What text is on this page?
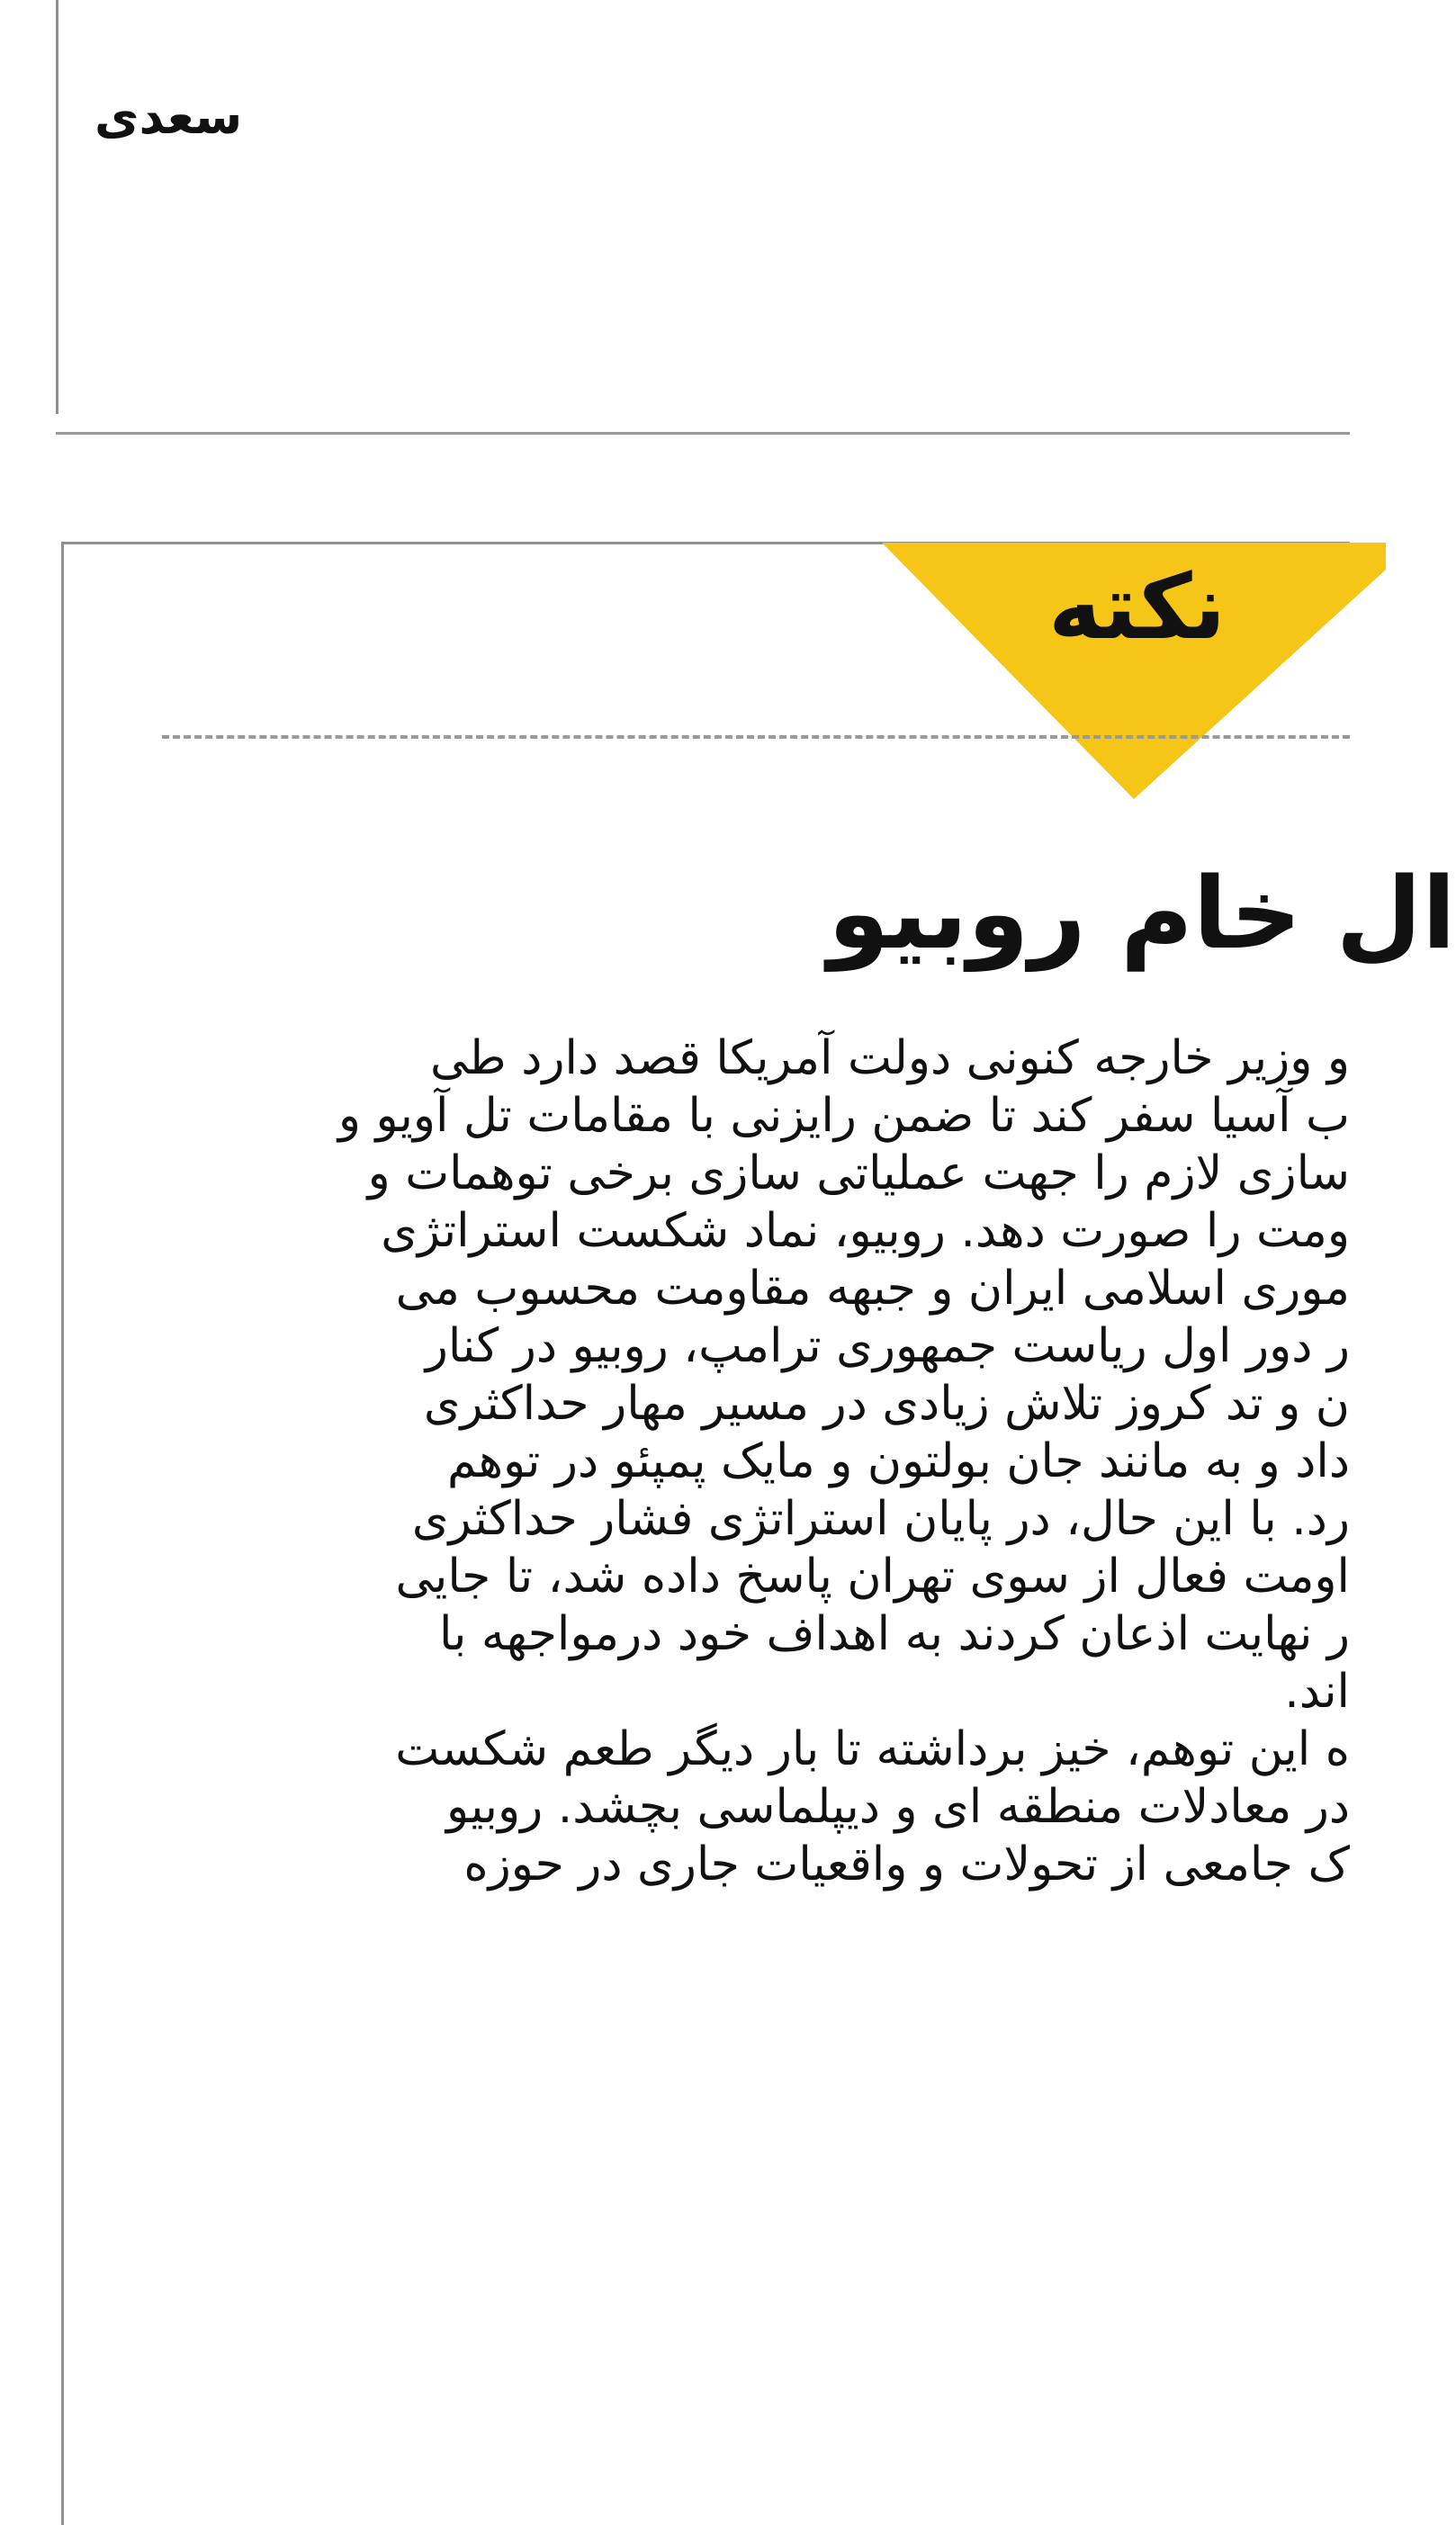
سعدی
نکته
ال خام روبیو
و وزیر خارجه کنونی دولت آمریکا قصد دارد طی
ب آسیا سفر کند تا ضمن رایزنی با مقامات تل آویو و
سازی لازم را جهت عملیاتی سازی برخی توهمات و
ومت را صورت دهد. روبیو، نماد شکست استراتژی
موری اسلامی ایران و جبهه مقاومت محسوب می
ر دور اول ریاست جمهوری ترامپ، روبیو در کنار
ن و تد کروز تلاش زیادی در مسیر مهار حداکثری
داد و به مانند جان بولتون و مایک پمپئو در توهم
رد. با این حال، در پایان استراتژی فشار حداکثری
اومت فعال از سوی تهران پاسخ داده شد، تا جایی
ر نهایت اذعان کردند به اهداف خود درمواجهه با
اند.
ه این توهم، خیز برداشته تا بار دیگر طعم شکست
در معادلات منطقه ای و دیپلماسی بچشد. روبیو
ک جامعی از تحولات و واقعیات جاری در حوزه
